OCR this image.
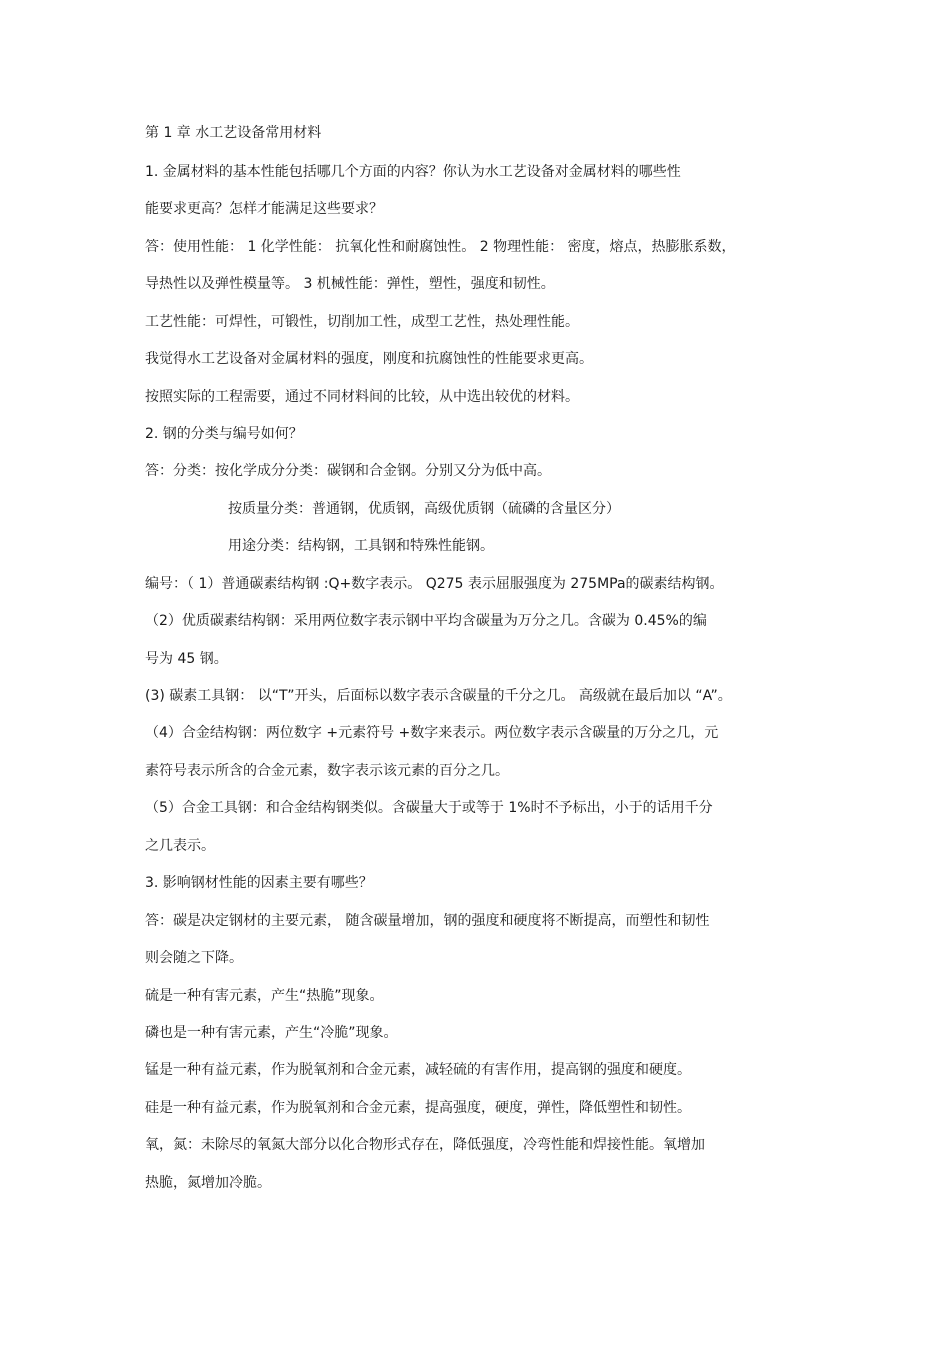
第 1 章 水工艺设备常用材料
1. 金属材料的基本性能包括哪几个方面的内容？你认为水工艺设备对金属材料的哪些性
能要求更高？怎样才能满足这些要求？
答：使用性能： 1 化学性能： 抗氧化性和耐腐蚀性。 2 物理性能： 密度，熔点，热膨胀系数，
导热性以及弹性模量等。 3 机械性能：弹性，塑性，强度和韧性。
工艺性能：可焊性，可锻性，切削加工性，成型工艺性，热处理性能。
我觉得水工艺设备对金属材料的强度，刚度和抗腐蚀性的性能要求更高。
按照实际的工程需要，通过不同材料间的比较，从中选出较优的材料。
2. 钢的分类与编号如何？
答：分类：按化学成分分类：碳钢和合金钢。分别又分为低中高。
按质量分类：普通钢，优质钢，高级优质钢（硫磷的含量区分）
用途分类：结构钢，工具钢和特殊性能钢。
编号：（ 1）普通碳素结构钢 :Q+数字表示。 Q275 表示屈服强度为 275MPa的碳素结构钢。
（2）优质碳素结构钢：采用两位数字表示钢中平均含碳量为万分之几。含碳为 0.45%的编
号为 45 钢。
(3) 碳素工具钢： 以“T”开头，后面标以数字表示含碳量的千分之几。 高级就在最后加以 “A”。
（4）合金结构钢：两位数字 +元素符号 +数字来表示。两位数字表示含碳量的万分之几，元
素符号表示所含的合金元素，数字表示该元素的百分之几。
（5）合金工具钢：和合金结构钢类似。含碳量大于或等于 1%时不予标出，小于的话用千分
之几表示。
3. 影响钢材性能的因素主要有哪些？
答：碳是决定钢材的主要元素， 随含碳量增加，钢的强度和硬度将不断提高，而塑性和韧性
则会随之下降。
硫是一种有害元素，产生“热脆”现象。
磷也是一种有害元素，产生“冷脆”现象。
锰是一种有益元素，作为脱氧剂和合金元素，减轻硫的有害作用，提高钢的强度和硬度。
硅是一种有益元素，作为脱氧剂和合金元素，提高强度，硬度，弹性，降低塑性和韧性。
氧，氮：未除尽的氧氮大部分以化合物形式存在，降低强度，冷弯性能和焊接性能。氧增加
热脆，氮增加冷脆。
